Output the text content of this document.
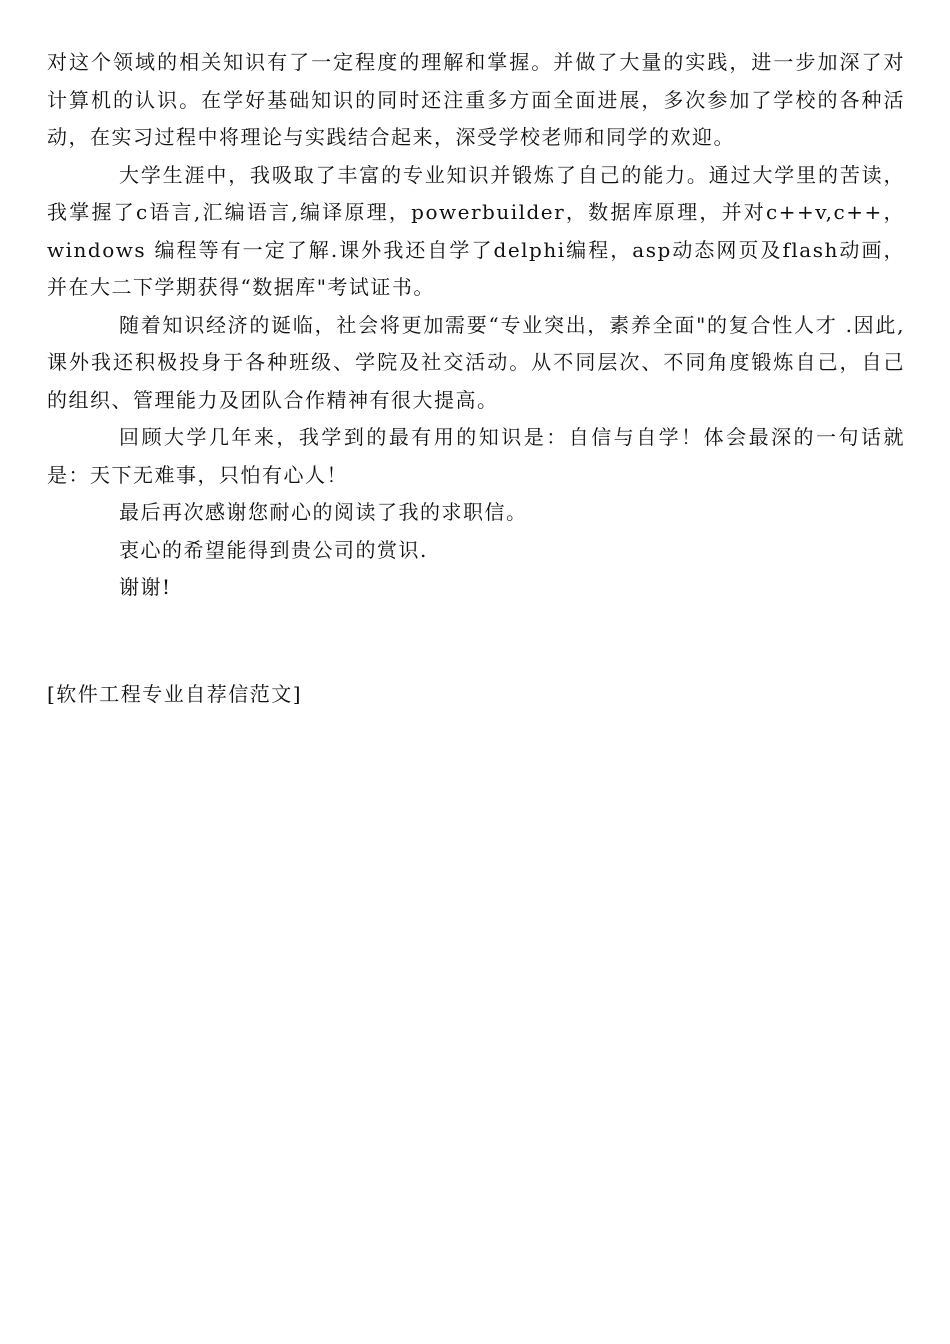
对这个领域的相关知识有了一定程度的理解和掌握。并做了大量的实践，进一步加深了对计算机的认识。在学好基础知识的同时还注重多方面全面进展，多次参加了学校的各种活动，在实习过程中将理论与实践结合起来，深受学校老师和同学的欢迎。

大学生涯中，我吸取了丰富的专业知识并锻炼了自己的能力。通过大学里的苦读，我掌握了c语言,汇编语言,编译原理，powerbuilder，数据库原理，并对c++v,c++，windows 编程等有一定了解.课外我还自学了delphi编程，asp动态网页及flash动画，并在大二下学期获得“数据库"考试证书。

随着知识经济的诞临，社会将更加需要“专业突出，素养全面"的复合性人才 .因此,课外我还积极投身于各种班级、学院及社交活动。从不同层次、不同角度锻炼自己，自己的组织、管理能力及团队合作精神有很大提高。

回顾大学几年来，我学到的最有用的知识是：自信与自学！体会最深的一句话就是：天下无难事，只怕有心人！

最后再次感谢您耐心的阅读了我的求职信。

衷心的希望能得到贵公司的赏识.

谢谢!

[软件工程专业自荐信范文]
